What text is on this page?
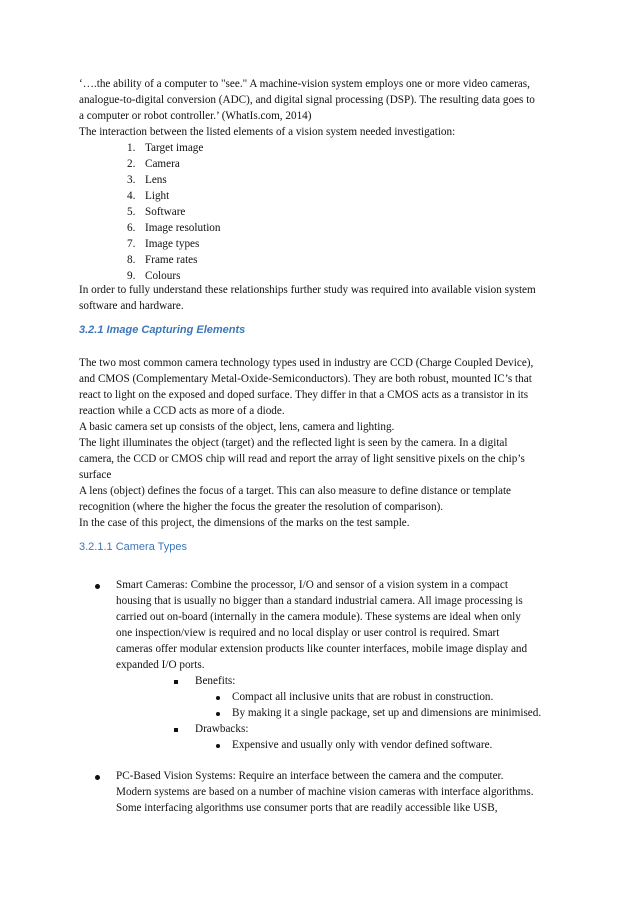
‘….the ability of a computer to "see." A machine-vision system employs one or more video cameras,
analogue-to-digital conversion (ADC), and digital signal processing (DSP). The resulting data goes to
a computer or robot controller.’ (WhatIs.com, 2014)
The interaction between the listed elements of a vision system needed investigation:
1. Target image
2. Camera
3. Lens
4. Light
5. Software
6. Image resolution
7. Image types
8. Frame rates
9. Colours
In order to fully understand these relationships further study was required into available vision system
software and hardware.
3.2.1 Image Capturing Elements
The two most common camera technology types used in industry are CCD (Charge Coupled Device),
and CMOS (Complementary Metal-Oxide-Semiconductors). They are both robust, mounted IC’s that
react to light on the exposed and doped surface. They differ in that a CMOS acts as a transistor in its
reaction while a CCD acts as more of a diode.
A basic camera set up consists of the object, lens, camera and lighting.
The light illuminates the object (target) and the reflected light is seen by the camera. In a digital
camera, the CCD or CMOS chip will read and report the array of light sensitive pixels on the chip’s
surface
A lens (object) defines the focus of a target. This can also measure to define distance or template
recognition (where the higher the focus the greater the resolution of comparison).
In the case of this project, the dimensions of the marks on the test sample.
3.2.1.1 Camera Types
Smart Cameras: Combine the processor, I/O and sensor of a vision system in a compact
housing that is usually no bigger than a standard industrial camera. All image processing is
carried out on-board (internally in the camera module). These systems are ideal when only
one inspection/view is required and no local display or user control is required. Smart
cameras offer modular extension products like counter interfaces, mobile image display and
expanded I/O ports.
Benefits:
Compact all inclusive units that are robust in construction.
By making it a single package, set up and dimensions are minimised.
Drawbacks:
Expensive and usually only with vendor defined software.
PC-Based Vision Systems: Require an interface between the camera and the computer.
Modern systems are based on a number of machine vision cameras with interface algorithms.
Some interfacing algorithms use consumer ports that are readily accessible like USB,
